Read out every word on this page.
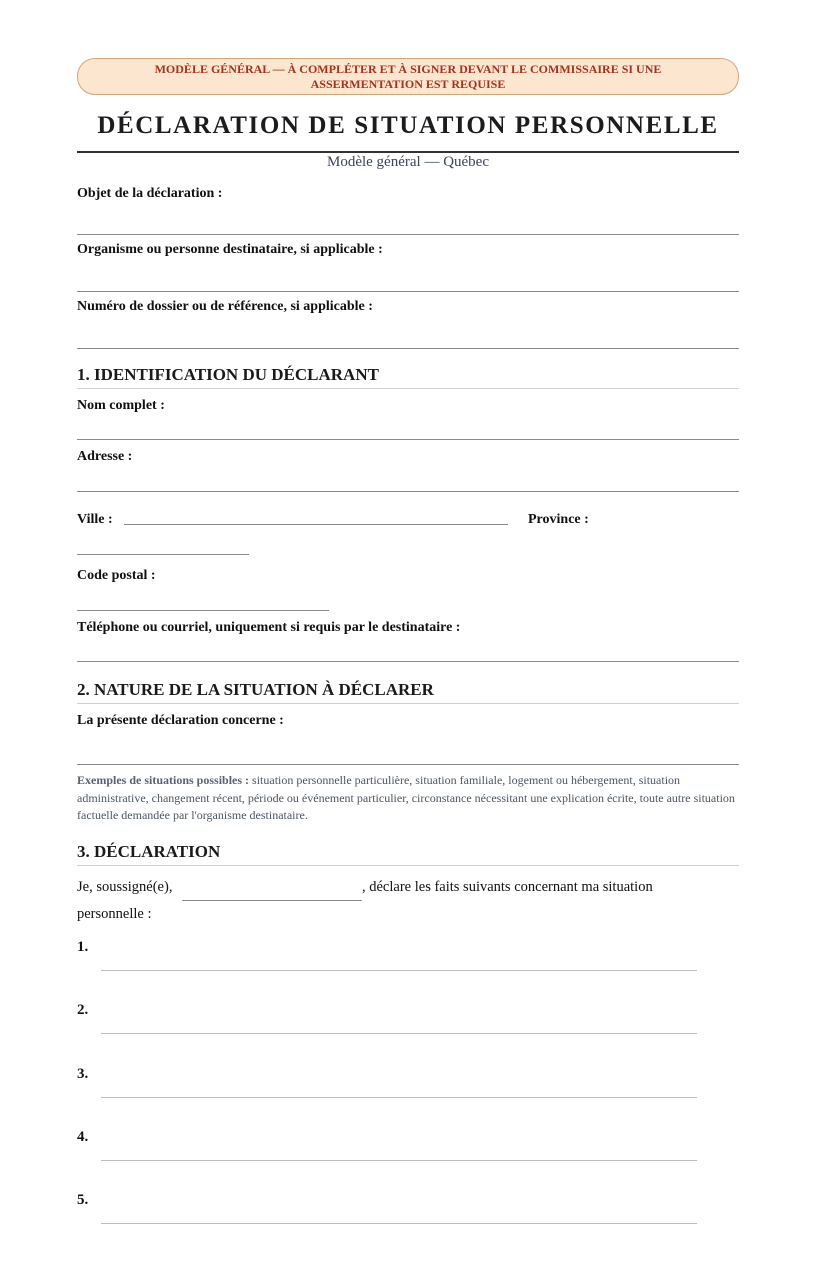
MODÈLE GÉNÉRAL — À COMPLÉTER ET À SIGNER DEVANT LE COMMISSAIRE SI UNE
ASSERMENTATION EST REQUISE
DÉCLARATION DE SITUATION PERSONNELLE
Modèle général — Québec
Objet de la déclaration :
Organisme ou personne destinataire, si applicable :
Numéro de dossier ou de référence, si applicable :
1. IDENTIFICATION DU DÉCLARANT
Nom complet :
Adresse :
Ville :	Province :
Code postal :
Téléphone ou courriel, uniquement si requis par le destinataire :
2. NATURE DE LA SITUATION À DÉCLARER
La présente déclaration concerne :
Exemples de situations possibles : situation personnelle particulière, situation familiale, logement ou hébergement, situation administrative, changement récent, période ou événement particulier, circonstance nécessitant une explication écrite, toute autre situation factuelle demandée par l'organisme destinataire.
3. DÉCLARATION
Je, soussigné(e),	, déclare les faits suivants concernant ma situation
personnelle :
1.
2.
3.
4.
5.
